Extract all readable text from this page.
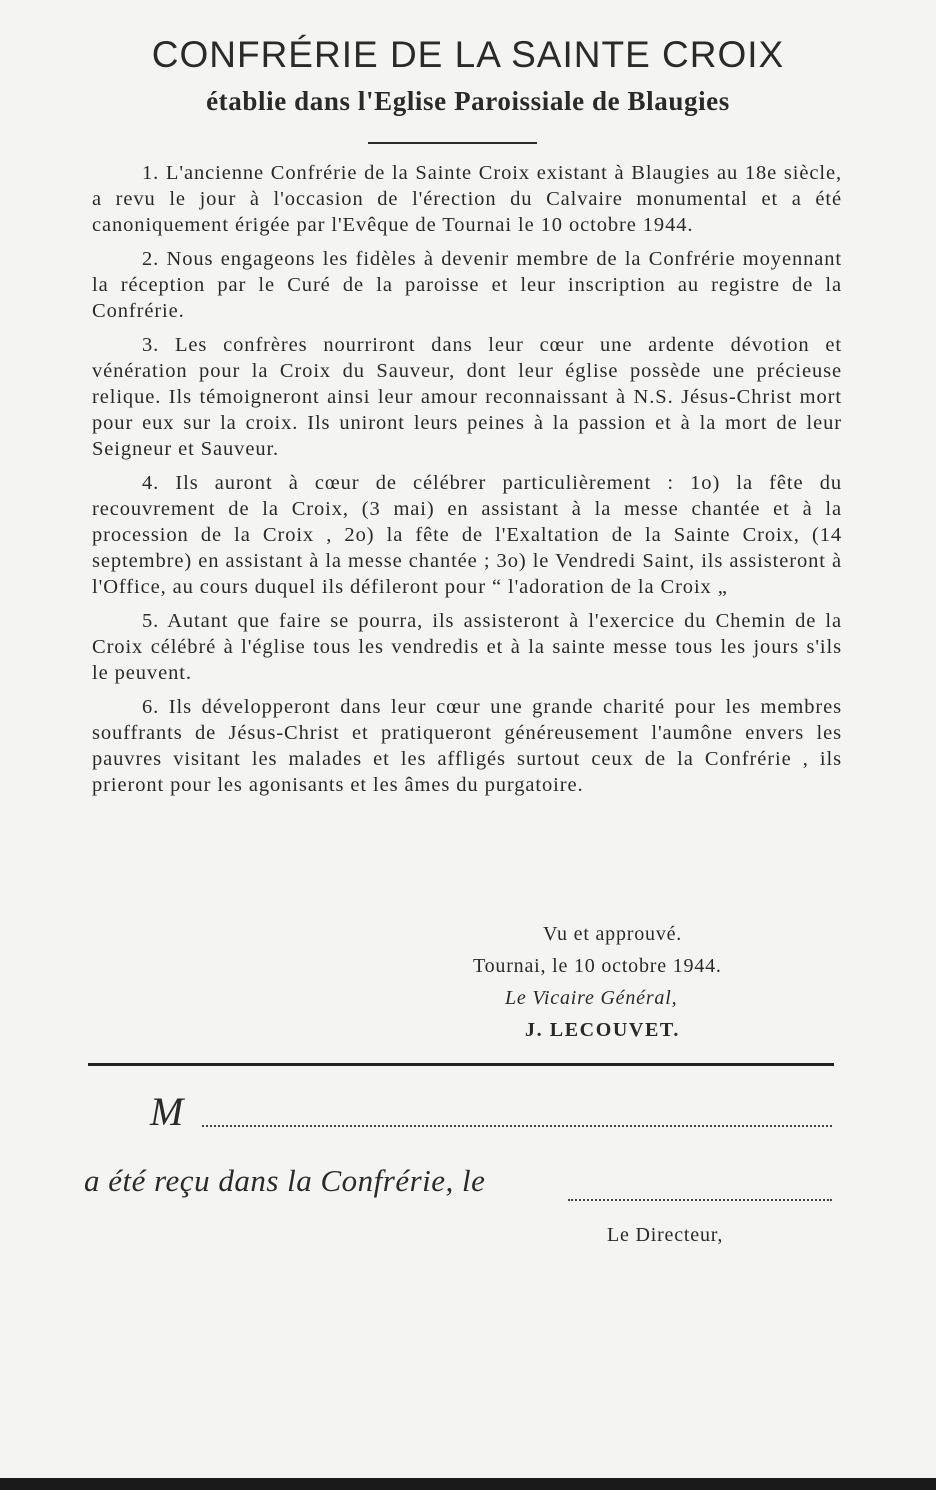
CONFRÉRIE DE LA SAINTE CROIX
établie dans l'Eglise Paroissiale de Blaugies

1. L'ancienne Confrérie de la Sainte Croix existant à Blaugies au 18e siècle, a revu le jour à l'occasion de l'érection du Calvaire monumental et a été canoniquement érigée par l'Evêque de Tournai le 10 octobre 1944.

2. Nous engageons les fidèles à devenir membre de la Confrérie moyennant la réception par le Curé de la paroisse et leur inscription au registre de la Confrérie.

3. Les confrères nourriront dans leur cœur une ardente dévotion et vénération pour la Croix du Sauveur, dont leur église possède une précieuse relique. Ils témoigneront ainsi leur amour reconnaissant à N.S. Jésus-Christ mort pour eux sur la croix. Ils uniront leurs peines à la passion et à la mort de leur Seigneur et Sauveur.

4. Ils auront à cœur de célébrer particulièrement : 1o) la fête du recouvrement de la Croix, (3 mai) en assistant à la messe chantée et à la procession de la Croix , 2o) la fête de l'Exaltation de la Sainte Croix, (14 septembre) en assistant à la messe chantée ; 3o) le Vendredi Saint, ils assisteront à l'Office, au cours duquel ils défileront pour “ l'adoration de la Croix „

5. Autant que faire se pourra, ils assisteront à l'exercice du Chemin de la Croix célébré à l'église tous les vendredis et à la sainte messe tous les jours s'ils le peuvent.

6. Ils développeront dans leur cœur une grande charité pour les membres souffrants de Jésus-Christ et pratiqueront généreusement l'aumône envers les pauvres visitant les malades et les affligés surtout ceux de la Confrérie , ils prieront pour les agonisants et les âmes du purgatoire.

Vu et approuvé.
Tournai, le 10 octobre 1944.
Le Vicaire Général,
J. LECOUVET.
M
a été reçu dans la Confrérie, le
Le Directeur,
